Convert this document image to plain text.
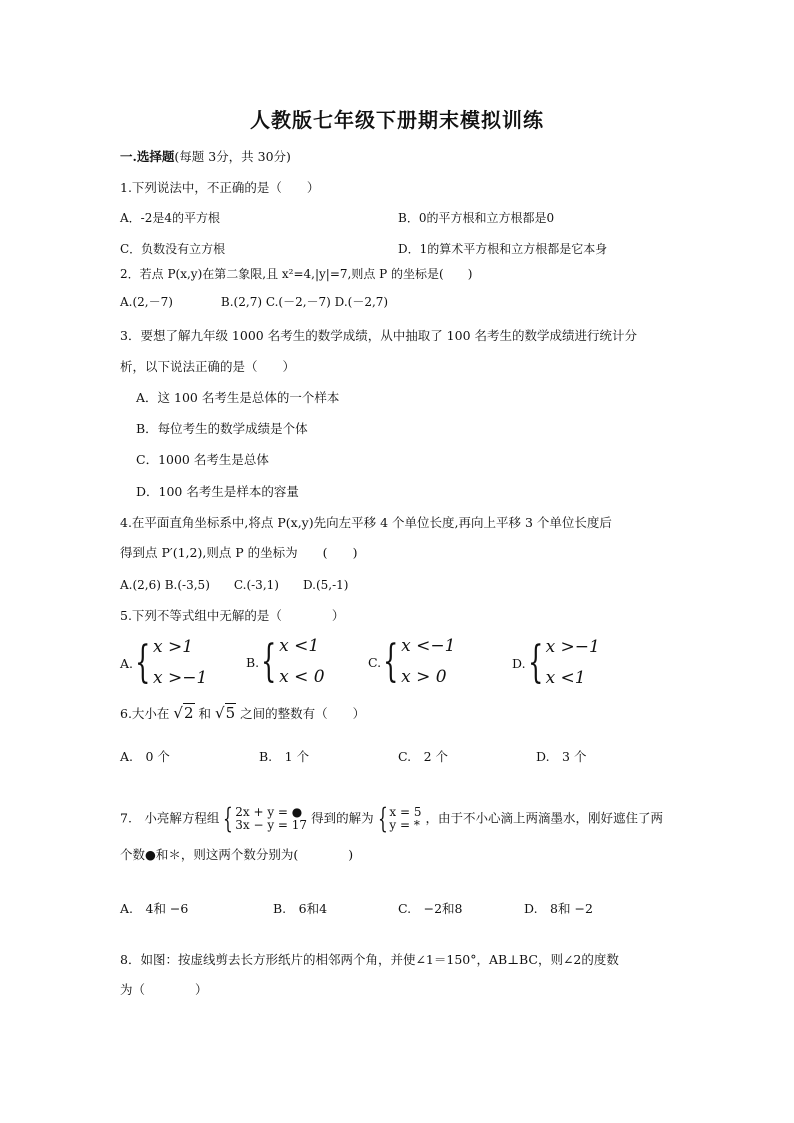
人教版七年级下册期末模拟训练
一.选择题(每题 3分，共 30分)
1.下列说法中，不正确的是（　　）
A．-2是4的平方根	B．0的平方根和立方根都是0
C．负数没有立方根	D．1的算术平方根和立方根都是它本身
2．若点 P(x,y)在第二象限,且 x²=4,|y|=7,则点 P 的坐标是(　　)
A.(2,－7)　　　　B.(2,7) C.(－2,－7) D.(－2,7)
3．要想了解九年级 1000 名考生的数学成绩，从中抽取了 100 名考生的数学成绩进行统计分
析，以下说法正确的是（　　）
A．这 100 名考生是总体的一个样本
B．每位考生的数学成绩是个体
C．1000 名考生是总体
D．100 名考生是样本的容量
4.在平面直角坐标系中,将点 P(x,y)先向左平移 4 个单位长度,再向上平移 3 个单位长度后
得到点 P′(1,2),则点 P 的坐标为　　(　　)
A.(2,6) B.(-3,5)　　C.(-3,1)　　D.(5,-1)
5.下列不等式组中无解的是（　　　　）
A. { x >1
x >−1
B. { x <1
x < 0
C. { x <−1
x > 0
D. { x >−1
x <1
6.大小在 √2 和 √5 之间的整数有（　　）
A.　0 个	B.　1 个	C.　2 个	D.　3 个
7.　小亮解方程组 { 2x + y = ●
3x − y = 17 得到的解为 { x = 5
y = * ，由于不小心滴上两滴墨水，刚好遮住了两
个数●和＊，则这两个数分别为(　　　　)
A.　4和 −6	B.　6和4	C.　−2和8	D.　8和 −2
8．如图：按虚线剪去长方形纸片的相邻两个角，并使∠1＝150°，AB⊥BC，则∠2的度数
为（　　　　）
